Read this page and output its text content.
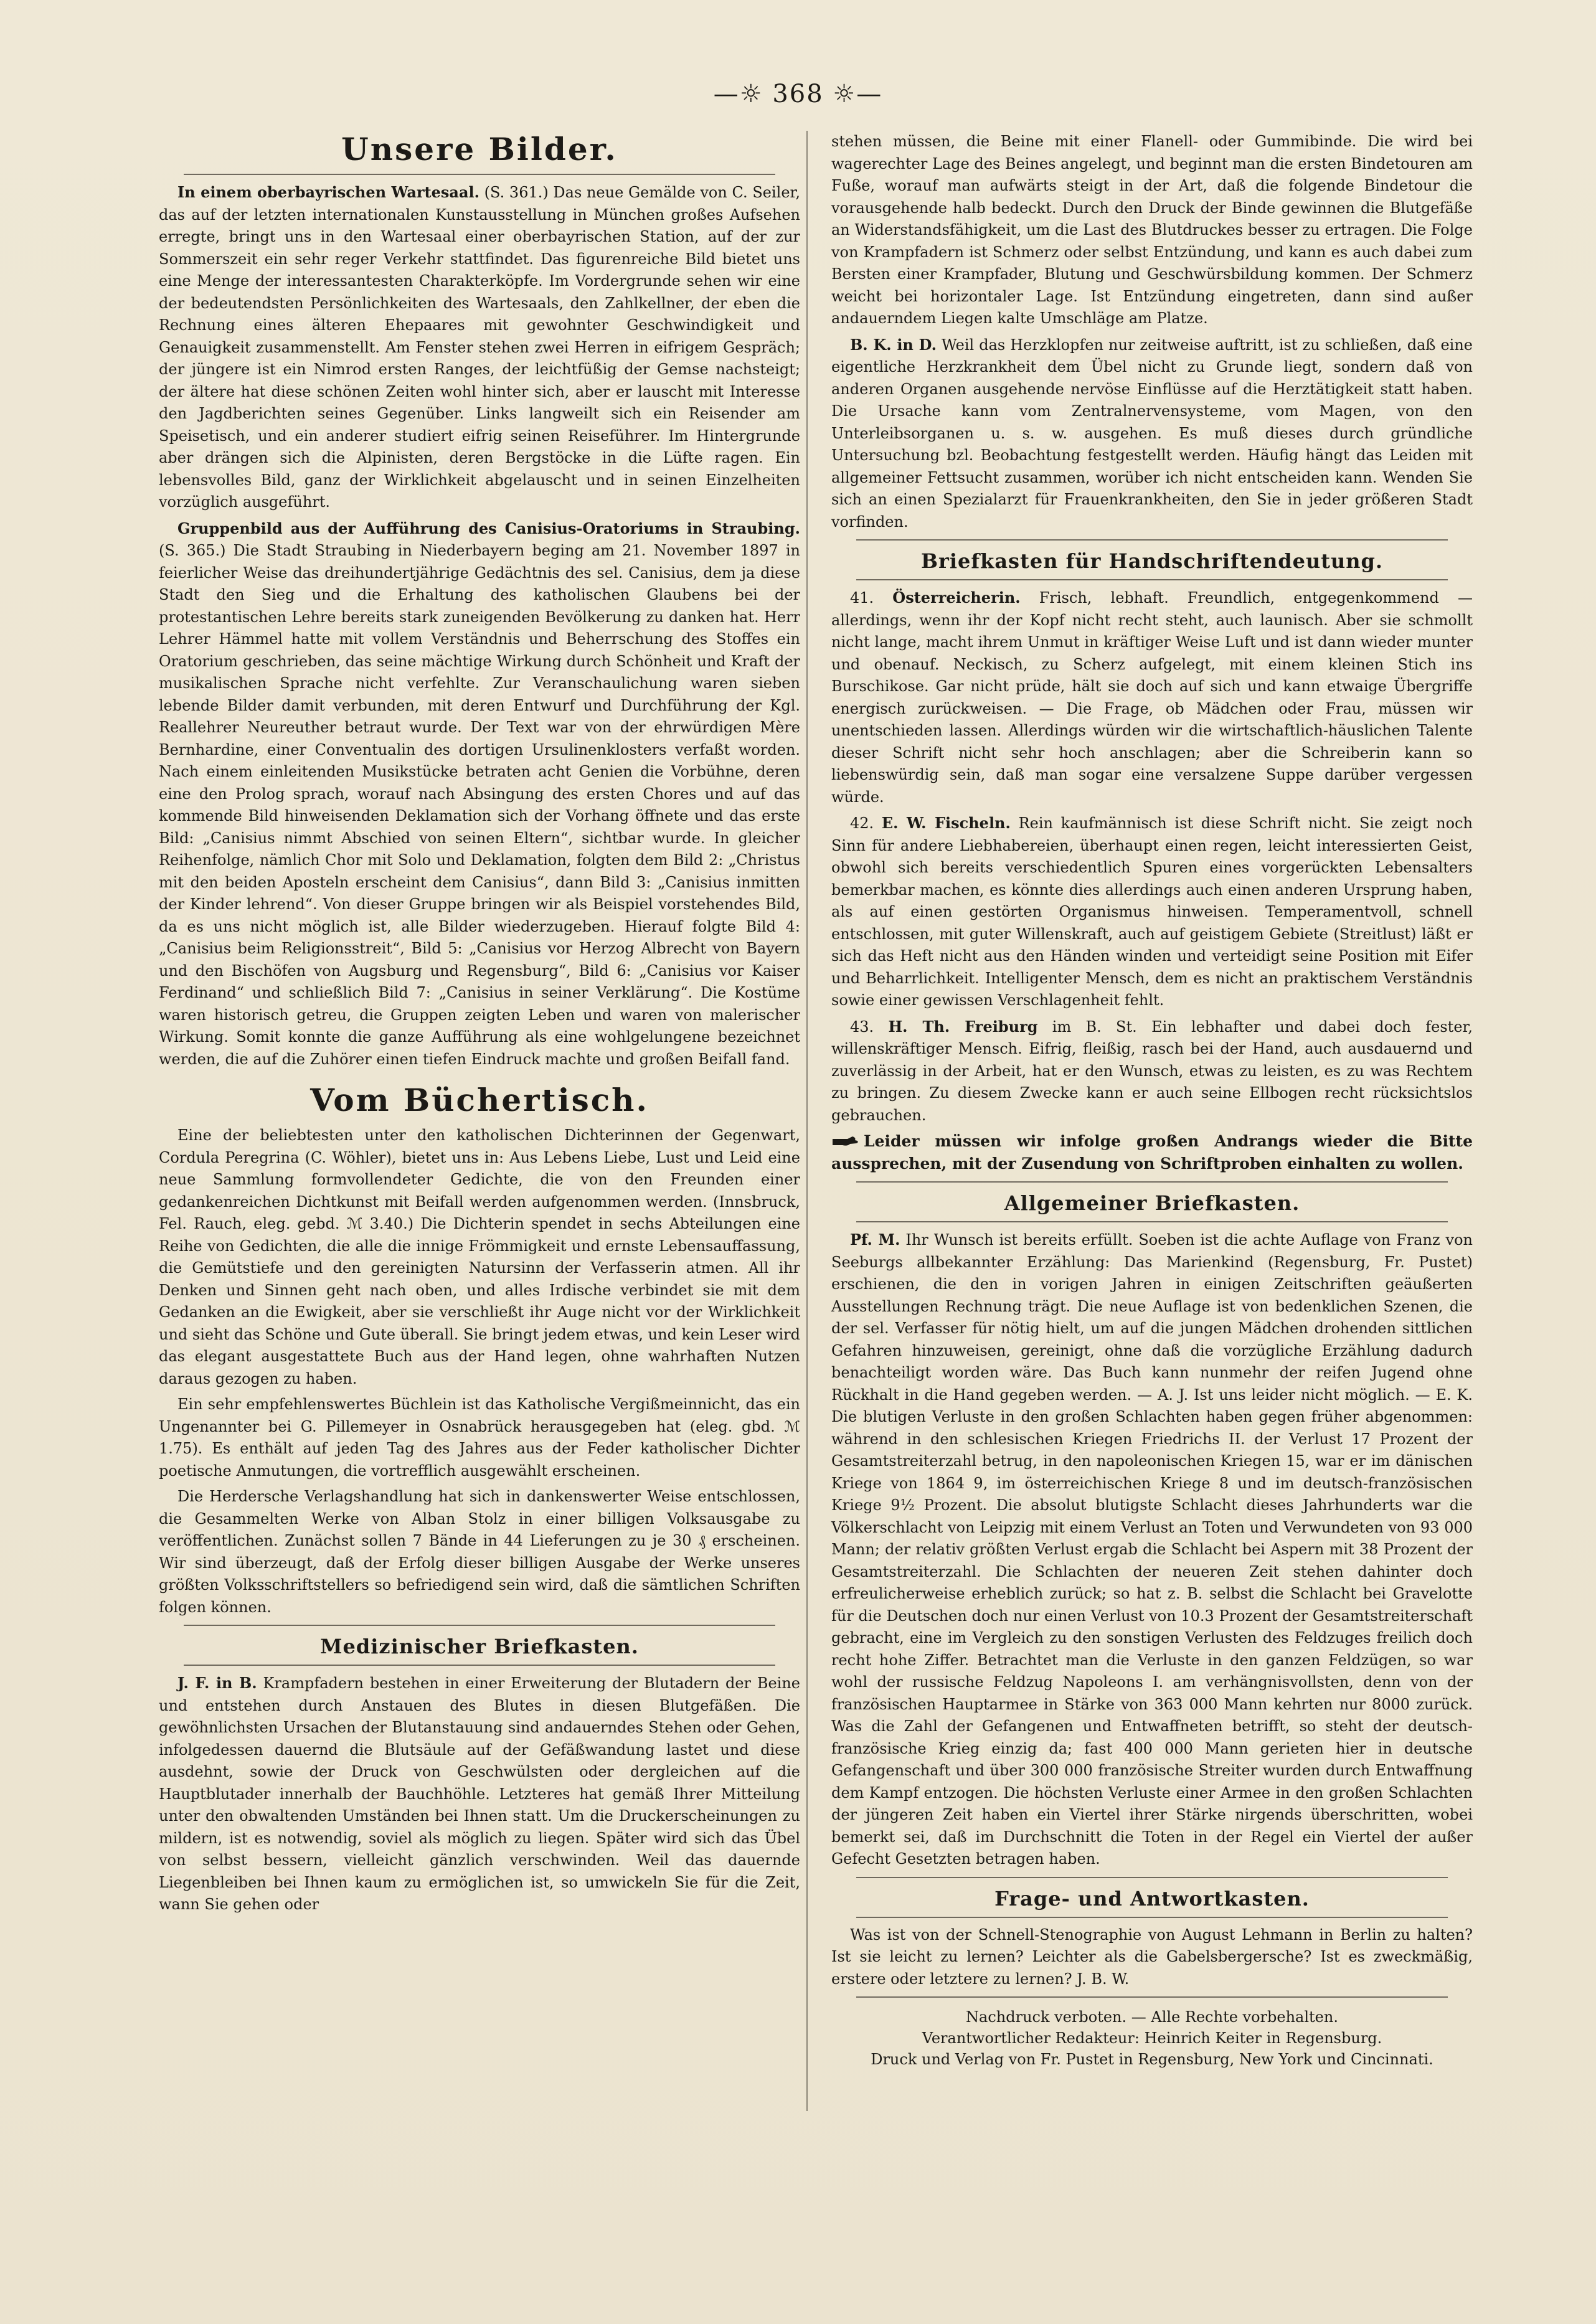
—☼ 368 ☼—
Unsere Bilder.

In einem oberbayrischen Wartesaal. (S. 361.) Das neue Gemälde von C. Seiler, das auf der letzten internationalen Kunstausstellung in München großes Aufsehen erregte, bringt uns in den Wartesaal einer oberbayrischen Station, auf der zur Sommerszeit ein sehr reger Verkehr stattfindet. Das figurenreiche Bild bietet uns eine Menge der interessantesten Charakterköpfe. Im Vordergrunde sehen wir eine der bedeutendsten Persönlichkeiten des Wartesaals, den Zahlkellner, der eben die Rechnung eines älteren Ehepaares mit gewohnter Geschwindigkeit und Genauigkeit zusammenstellt. Am Fenster stehen zwei Herren in eifrigem Gespräch; der jüngere ist ein Nimrod ersten Ranges, der leichtfüßig der Gemse nachsteigt; der ältere hat diese schönen Zeiten wohl hinter sich, aber er lauscht mit Interesse den Jagdberichten seines Gegenüber. Links langweilt sich ein Reisender am Speisetisch, und ein anderer studiert eifrig seinen Reiseführer. Im Hintergrunde aber drängen sich die Alpinisten, deren Bergstöcke in die Lüfte ragen. Ein lebensvolles Bild, ganz der Wirklichkeit abgelauscht und in seinen Einzelheiten vorzüglich ausgeführt.

Gruppenbild aus der Aufführung des Canisius-Oratoriums in Straubing. (S. 365.) Die Stadt Straubing in Niederbayern beging am 21. November 1897 in feierlicher Weise das dreihundertjährige Gedächtnis des sel. Canisius, dem ja diese Stadt den Sieg und die Erhaltung des katholischen Glaubens bei der protestantischen Lehre bereits stark zuneigenden Bevölkerung zu danken hat. Herr Lehrer Hämmel hatte mit vollem Verständnis und Beherrschung des Stoffes ein Oratorium geschrieben, das seine mächtige Wirkung durch Schönheit und Kraft der musikalischen Sprache nicht verfehlte. Zur Veranschaulichung waren sieben lebende Bilder damit verbunden, mit deren Entwurf und Durchführung der Kgl. Reallehrer Neureuther betraut wurde. Der Text war von der ehrwürdigen Mère Bernhardine, einer Conventualin des dortigen Ursulinenklosters verfaßt worden. Nach einem einleitenden Musikstücke betraten acht Genien die Vorbühne, deren eine den Prolog sprach, worauf nach Absingung des ersten Chores und auf das kommende Bild hinweisenden Deklamation sich der Vorhang öffnete und das erste Bild: „Canisius nimmt Abschied von seinen Eltern“, sichtbar wurde. In gleicher Reihenfolge, nämlich Chor mit Solo und Deklamation, folgten dem Bild 2: „Christus mit den beiden Aposteln erscheint dem Canisius“, dann Bild 3: „Canisius inmitten der Kinder lehrend“. Von dieser Gruppe bringen wir als Beispiel vorstehendes Bild, da es uns nicht möglich ist, alle Bilder wiederzugeben. Hierauf folgte Bild 4: „Canisius beim Religionsstreit“, Bild 5: „Canisius vor Herzog Albrecht von Bayern und den Bischöfen von Augsburg und Regensburg“, Bild 6: „Canisius vor Kaiser Ferdinand“ und schließlich Bild 7: „Canisius in seiner Verklärung“. Die Kostüme waren historisch getreu, die Gruppen zeigten Leben und waren von malerischer Wirkung. Somit konnte die ganze Aufführung als eine wohlgelungene bezeichnet werden, die auf die Zuhörer einen tiefen Eindruck machte und großen Beifall fand.

Vom Büchertisch.

Eine der beliebtesten unter den katholischen Dichterinnen der Gegenwart, Cordula Peregrina (C. Wöhler), bietet uns in: Aus Lebens Liebe, Lust und Leid eine neue Sammlung formvollendeter Gedichte, die von den Freunden einer gedankenreichen Dichtkunst mit Beifall werden aufgenommen werden. (Innsbruck, Fel. Rauch, eleg. gebd. ℳ 3.40.) Die Dichterin spendet in sechs Abteilungen eine Reihe von Gedichten, die alle die innige Frömmigkeit und ernste Lebensauffassung, die Gemütstiefe und den gereinigten Natursinn der Verfasserin atmen. All ihr Denken und Sinnen geht nach oben, und alles Irdische verbindet sie mit dem Gedanken an die Ewigkeit, aber sie verschließt ihr Auge nicht vor der Wirklichkeit und sieht das Schöne und Gute überall. Sie bringt jedem etwas, und kein Leser wird das elegant ausgestattete Buch aus der Hand legen, ohne wahrhaften Nutzen daraus gezogen zu haben.

Ein sehr empfehlenswertes Büchlein ist das Katholische Vergißmeinnicht, das ein Ungenannter bei G. Pillemeyer in Osnabrück herausgegeben hat (eleg. gbd. ℳ 1.75). Es enthält auf jeden Tag des Jahres aus der Feder katholischer Dichter poetische Anmutungen, die vortrefflich ausgewählt erscheinen.

Die Herdersche Verlagshandlung hat sich in dankenswerter Weise entschlossen, die Gesammelten Werke von Alban Stolz in einer billigen Volksausgabe zu veröffentlichen. Zunächst sollen 7 Bände in 44 Lieferungen zu je 30 ₰ erscheinen. Wir sind überzeugt, daß der Erfolg dieser billigen Ausgabe der Werke unseres größten Volksschriftstellers so befriedigend sein wird, daß die sämtlichen Schriften folgen können.

Medizinischer Briefkasten.

J. F. in B. Krampfadern bestehen in einer Erweiterung der Blutadern der Beine und entstehen durch Anstauen des Blutes in diesen Blutgefäßen. Die gewöhnlichsten Ursachen der Blutanstauung sind andauerndes Stehen oder Gehen, infolgedessen dauernd die Blutsäule auf der Gefäßwandung lastet und diese ausdehnt, sowie der Druck von Geschwülsten oder dergleichen auf die Hauptblutader innerhalb der Bauchhöhle. Letzteres hat gemäß Ihrer Mitteilung unter den obwaltenden Umständen bei Ihnen statt. Um die Druckerscheinungen zu mildern, ist es notwendig, soviel als möglich zu liegen. Später wird sich das Übel von selbst bessern, vielleicht gänzlich verschwinden. Weil das dauernde Liegenbleiben bei Ihnen kaum zu ermöglichen ist, so umwickeln Sie für die Zeit, wann Sie gehen oder

stehen müssen, die Beine mit einer Flanell- oder Gummibinde. Die wird bei wagerechter Lage des Beines angelegt, und beginnt man die ersten Bindetouren am Fuße, worauf man aufwärts steigt in der Art, daß die folgende Bindetour die vorausgehende halb bedeckt. Durch den Druck der Binde gewinnen die Blutgefäße an Widerstandsfähigkeit, um die Last des Blutdruckes besser zu ertragen. Die Folge von Krampfadern ist Schmerz oder selbst Entzündung, und kann es auch dabei zum Bersten einer Krampfader, Blutung und Geschwürsbildung kommen. Der Schmerz weicht bei horizontaler Lage. Ist Entzündung eingetreten, dann sind außer andauerndem Liegen kalte Umschläge am Platze.

B. K. in D. Weil das Herzklopfen nur zeitweise auftritt, ist zu schließen, daß eine eigentliche Herzkrankheit dem Übel nicht zu Grunde liegt, sondern daß von anderen Organen ausgehende nervöse Einflüsse auf die Herztätigkeit statt haben. Die Ursache kann vom Zentralnervensysteme, vom Magen, von den Unterleibsorganen u. s. w. ausgehen. Es muß dieses durch gründliche Untersuchung bzl. Beobachtung festgestellt werden. Häufig hängt das Leiden mit allgemeiner Fettsucht zusammen, worüber ich nicht entscheiden kann. Wenden Sie sich an einen Spezialarzt für Frauenkrankheiten, den Sie in jeder größeren Stadt vorfinden.

Briefkasten für Handschriftendeutung.

41. Österreicherin. Frisch, lebhaft. Freundlich, entgegenkommend — allerdings, wenn ihr der Kopf nicht recht steht, auch launisch. Aber sie schmollt nicht lange, macht ihrem Unmut in kräftiger Weise Luft und ist dann wieder munter und obenauf. Neckisch, zu Scherz aufgelegt, mit einem kleinen Stich ins Burschikose. Gar nicht prüde, hält sie doch auf sich und kann etwaige Übergriffe energisch zurückweisen. — Die Frage, ob Mädchen oder Frau, müssen wir unentschieden lassen. Allerdings würden wir die wirtschaftlich-häuslichen Talente dieser Schrift nicht sehr hoch anschlagen; aber die Schreiberin kann so liebenswürdig sein, daß man sogar eine versalzene Suppe darüber vergessen würde.

42. E. W. Fischeln. Rein kaufmännisch ist diese Schrift nicht. Sie zeigt noch Sinn für andere Liebhabereien, überhaupt einen regen, leicht interessierten Geist, obwohl sich bereits verschiedentlich Spuren eines vorgerückten Lebensalters bemerkbar machen, es könnte dies allerdings auch einen anderen Ursprung haben, als auf einen gestörten Organismus hinweisen. Temperamentvoll, schnell entschlossen, mit guter Willenskraft, auch auf geistigem Gebiete (Streitlust) läßt er sich das Heft nicht aus den Händen winden und verteidigt seine Position mit Eifer und Beharrlichkeit. Intelligenter Mensch, dem es nicht an praktischem Verständnis sowie einer gewissen Verschlagenheit fehlt.

43. H. Th. Freiburg im B. St. Ein lebhafter und dabei doch fester, willenskräftiger Mensch. Eifrig, fleißig, rasch bei der Hand, auch ausdauernd und zuverlässig in der Arbeit, hat er den Wunsch, etwas zu leisten, es zu was Rechtem zu bringen. Zu diesem Zwecke kann er auch seine Ellbogen recht rücksichtslos gebrauchen.

Leider müssen wir infolge großen Andrangs wieder die Bitte aussprechen, mit der Zusendung von Schriftproben einhalten zu wollen.

Allgemeiner Briefkasten.

Pf. M. Ihr Wunsch ist bereits erfüllt. Soeben ist die achte Auflage von Franz von Seeburgs allbekannter Erzählung: Das Marienkind (Regensburg, Fr. Pustet) erschienen, die den in vorigen Jahren in einigen Zeitschriften geäußerten Ausstellungen Rechnung trägt. Die neue Auflage ist von bedenklichen Szenen, die der sel. Verfasser für nötig hielt, um auf die jungen Mädchen drohenden sittlichen Gefahren hinzuweisen, gereinigt, ohne daß die vorzügliche Erzählung dadurch benachteiligt worden wäre. Das Buch kann nunmehr der reifen Jugend ohne Rückhalt in die Hand gegeben werden. — A. J. Ist uns leider nicht möglich. — E. K. Die blutigen Verluste in den großen Schlachten haben gegen früher abgenommen: während in den schlesischen Kriegen Friedrichs II. der Verlust 17 Prozent der Gesamtstreiterzahl betrug, in den napoleonischen Kriegen 15, war er im dänischen Kriege von 1864 9, im österreichischen Kriege 8 und im deutsch-französischen Kriege 9½ Prozent. Die absolut blutigste Schlacht dieses Jahrhunderts war die Völkerschlacht von Leipzig mit einem Verlust an Toten und Verwundeten von 93 000 Mann; der relativ größten Verlust ergab die Schlacht bei Aspern mit 38 Prozent der Gesamtstreiterzahl. Die Schlachten der neueren Zeit stehen dahinter doch erfreulicherweise erheblich zurück; so hat z. B. selbst die Schlacht bei Gravelotte für die Deutschen doch nur einen Verlust von 10.3 Prozent der Gesamtstreiterschaft gebracht, eine im Vergleich zu den sonstigen Verlusten des Feldzuges freilich doch recht hohe Ziffer. Betrachtet man die Verluste in den ganzen Feldzügen, so war wohl der russische Feldzug Napoleons I. am verhängnisvollsten, denn von der französischen Hauptarmee in Stärke von 363 000 Mann kehrten nur 8000 zurück. Was die Zahl der Gefangenen und Entwaffneten betrifft, so steht der deutsch-französische Krieg einzig da; fast 400 000 Mann gerieten hier in deutsche Gefangenschaft und über 300 000 französische Streiter wurden durch Entwaffnung dem Kampf entzogen. Die höchsten Verluste einer Armee in den großen Schlachten der jüngeren Zeit haben ein Viertel ihrer Stärke nirgends überschritten, wobei bemerkt sei, daß im Durchschnitt die Toten in der Regel ein Viertel der außer Gefecht Gesetzten betragen haben.

Frage- und Antwortkasten.

Was ist von der Schnell-Stenographie von August Lehmann in Berlin zu halten? Ist sie leicht zu lernen? Leichter als die Gabelsbergersche? Ist es zweckmäßig, erstere oder letztere zu lernen? J. B. W.

Nachdruck verboten. — Alle Rechte vorbehalten.
Verantwortlicher Redakteur: Heinrich Keiter in Regensburg.
Druck und Verlag von Fr. Pustet in Regensburg, New York und Cincinnati.
